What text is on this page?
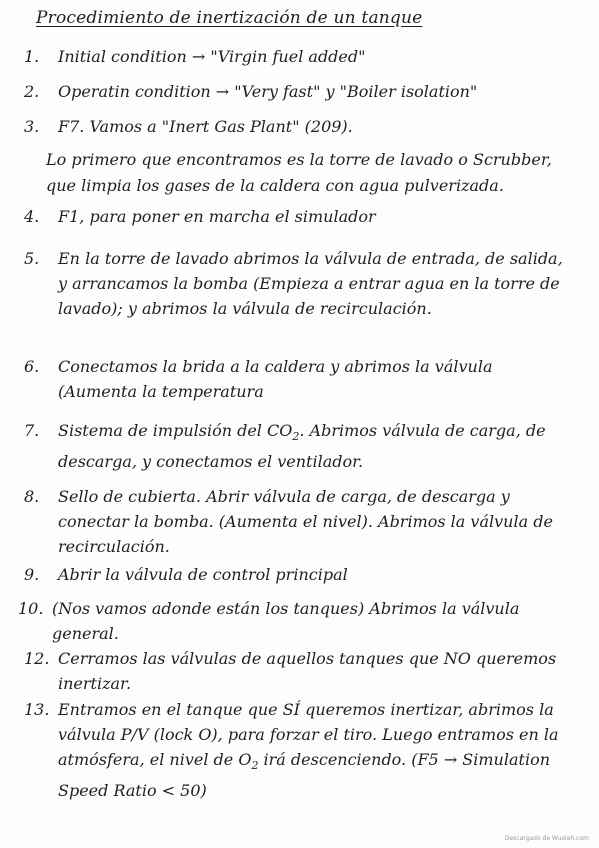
Procedimiento de inertización de un tanque
1.	Initial condition → "Virgin fuel added"
2.	Operatin condition → "Very fast" y "Boiler isolation"
3.	F7. Vamos a "Inert Gas Plant" (209).
Lo primero que encontramos es la torre de lavado o Scrubber, que limpia los gases de la caldera con agua pulverizada.
4.	F1, para poner en marcha el simulador
5.	En la torre de lavado abrimos la válvula de entrada, de salida, y arrancamos la bomba (Empieza a entrar agua en la torre de lavado); y abrimos la válvula de recirculación.
6.	Conectamos la brida a la caldera y abrimos la válvula (Aumenta la temperatura
7.	Sistema de impulsión del $CO_2$. Abrimos válvula de carga, de descarga, y conectamos el ventilador.
8.	Sello de cubierta. Abrir válvula de carga, de descarga y conectar la bomba. (Aumenta el nivel). Abrimos la válvula de recirculación.
9.	Abrir la válvula de control principal
10. (Nos vamos adonde están los tanques) Abrimos la válvula general.
12. Cerramos las válvulas de aquellos tanques que NO queremos inertizar.
13. Entramos en el tanque que SÍ queremos inertizar, abrimos la válvula P/V (lock O), para forzar el tiro. Luego entramos en la atmósfera, el nivel de $O_2$ irá descenciendo. (F5 → Simulation Speed Ratio < 50)
Descargado de Wuolah.com
